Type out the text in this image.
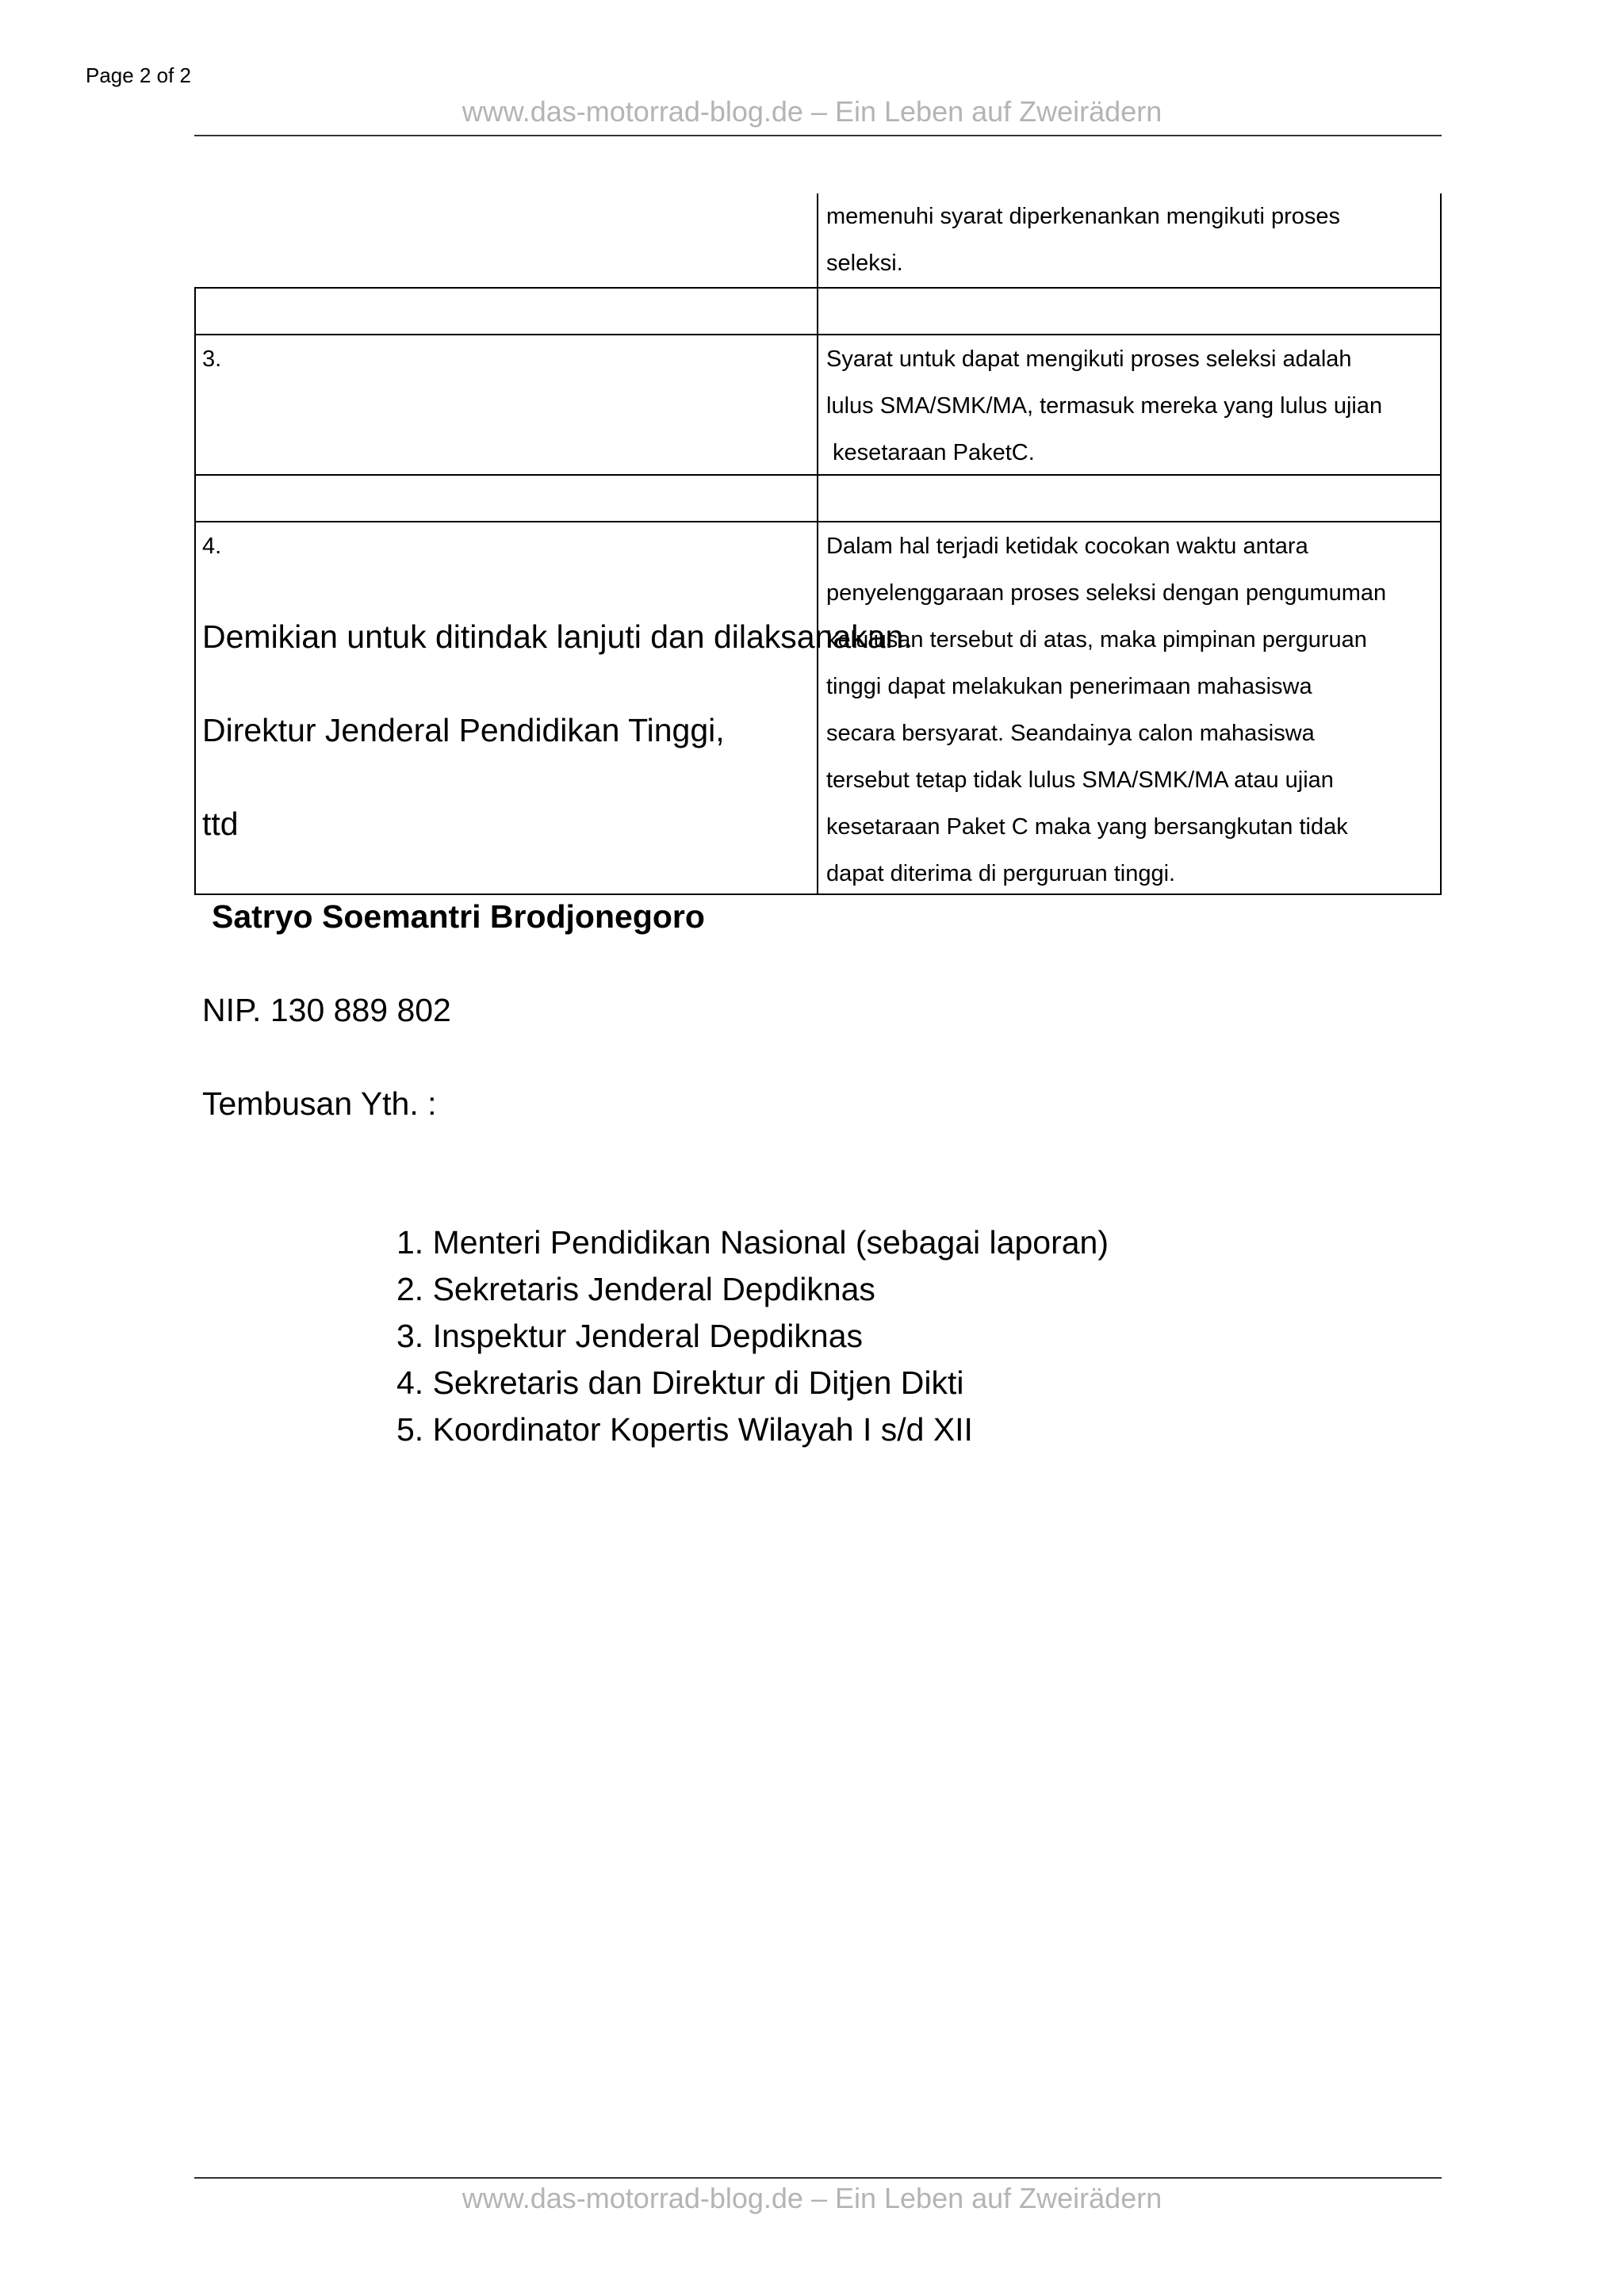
Page 2 of 2
www.das-motorrad-blog.de – Ein Leben auf Zweirädern
memenuhi syarat diperkenankan mengikuti proses
seleksi.
3.	Syarat untuk dapat mengikuti proses seleksi adalah
lulus SMA/SMK/MA, termasuk mereka yang lulus ujian
kesetaraan PaketC.
4.	Dalam hal terjadi ketidak cocokan waktu antara
penyelenggaraan proses seleksi dengan pengumuman
kelulusan tersebut di atas, maka pimpinan perguruan
tinggi dapat melakukan penerimaan mahasiswa
secara bersyarat. Seandainya calon mahasiswa
tersebut tetap tidak lulus SMA/SMK/MA atau ujian
kesetaraan Paket C maka yang bersangkutan tidak
dapat diterima di perguruan tinggi.
Demikian untuk ditindak lanjuti dan dilaksanakan.
Direktur Jenderal Pendidikan Tinggi,
ttd
Satryo Soemantri Brodjonegoro
NIP. 130 889 802
Tembusan Yth. :
1. Menteri Pendidikan Nasional (sebagai laporan)
2. Sekretaris Jenderal Depdiknas
3. Inspektur Jenderal Depdiknas
4. Sekretaris dan Direktur di Ditjen Dikti
5. Koordinator Kopertis Wilayah I s/d XII
www.das-motorrad-blog.de – Ein Leben auf Zweirädern
